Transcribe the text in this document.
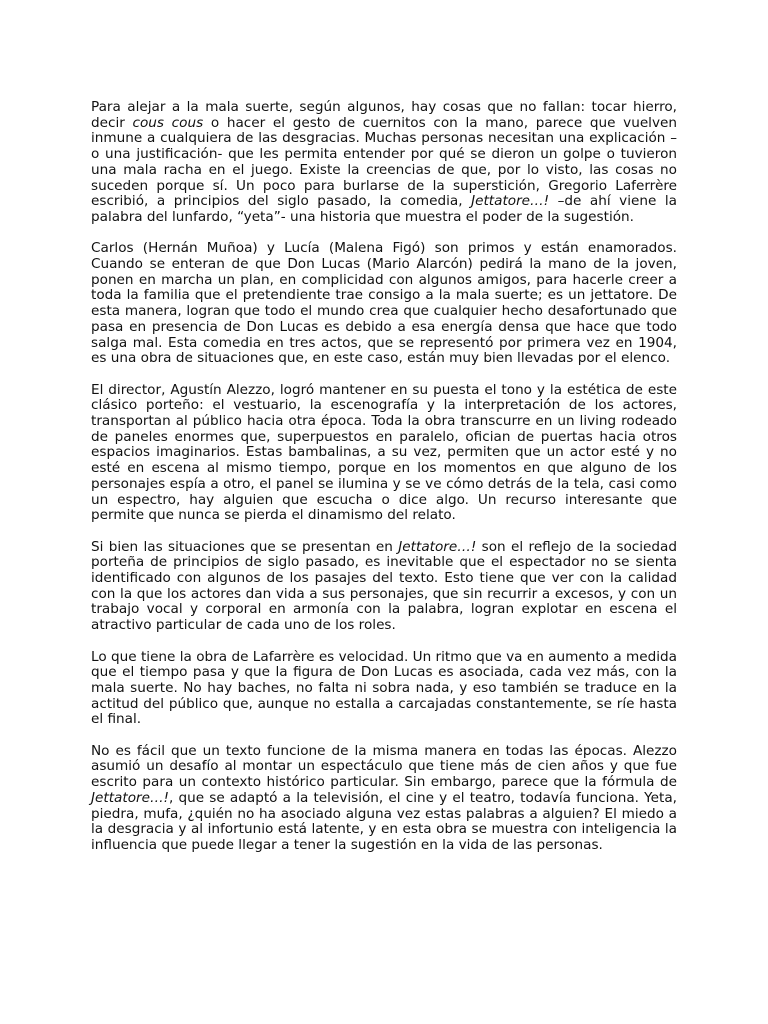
Para alejar a la mala suerte, según algunos, hay cosas que no fallan: tocar hierro, decir cous cous o hacer el gesto de cuernitos con la mano, parece que vuelven inmune a cualquiera de las desgracias. Muchas personas necesitan una explicación –o una justificación- que les permita entender por qué se dieron un golpe o tuvieron una mala racha en el juego. Existe la creencias de que, por lo visto, las cosas no suceden porque sí. Un poco para burlarse de la superstición, Gregorio Laferrère escribió, a principios del siglo pasado, la comedia, Jettatore…! –de ahí viene la palabra del lunfardo, “yeta”- una historia que muestra el poder de la sugestión.

Carlos (Hernán Muñoa) y Lucía (Malena Figó) son primos y están enamorados. Cuando se enteran de que Don Lucas (Mario Alarcón) pedirá la mano de la joven, ponen en marcha un plan, en complicidad con algunos amigos, para hacerle creer a toda la familia que el pretendiente trae consigo a la mala suerte; es un jettatore. De esta manera, logran que todo el mundo crea que cualquier hecho desafortunado que pasa en presencia de Don Lucas es debido a esa energía densa que hace que todo salga mal. Esta comedia en tres actos, que se representó por primera vez en 1904, es una obra de situaciones que, en este caso, están muy bien llevadas por el elenco.

El director, Agustín Alezzo, logró mantener en su puesta el tono y la estética de este clásico porteño: el vestuario, la escenografía y la interpretación de los actores, transportan al público hacia otra época. Toda la obra transcurre en un living rodeado de paneles enormes que, superpuestos en paralelo, ofician de puertas hacia otros espacios imaginarios. Estas bambalinas, a su vez, permiten que un actor esté y no esté en escena al mismo tiempo, porque en los momentos en que alguno de los personajes espía a otro, el panel se ilumina y se ve cómo detrás de la tela, casi como un espectro, hay alguien que escucha o dice algo. Un recurso interesante que permite que nunca se pierda el dinamismo del relato.

Si bien las situaciones que se presentan en Jettatore…! son el reflejo de la sociedad porteña de principios de siglo pasado, es inevitable que el espectador no se sienta identificado con algunos de los pasajes del texto. Esto tiene que ver con la calidad con la que los actores dan vida a sus personajes, que sin recurrir a excesos, y con un trabajo vocal y corporal en armonía con la palabra, logran explotar en escena el atractivo particular de cada uno de los roles.

Lo que tiene la obra de Lafarrère es velocidad. Un ritmo que va en aumento a medida que el tiempo pasa y que la figura de Don Lucas es asociada, cada vez más, con la mala suerte. No hay baches, no falta ni sobra nada, y eso también se traduce en la actitud del público que, aunque no estalla a carcajadas constantemente, se ríe hasta el final.

No es fácil que un texto funcione de la misma manera en todas las épocas. Alezzo asumió un desafío al montar un espectáculo que tiene más de cien años y que fue escrito para un contexto histórico particular. Sin embargo, parece que la fórmula de Jettatore…!, que se adaptó a la televisión, el cine y el teatro, todavía funciona. Yeta, piedra, mufa, ¿quién no ha asociado alguna vez estas palabras a alguien? El miedo a la desgracia y al infortunio está latente, y en esta obra se muestra con inteligencia la influencia que puede llegar a tener la sugestión en la vida de las personas.
